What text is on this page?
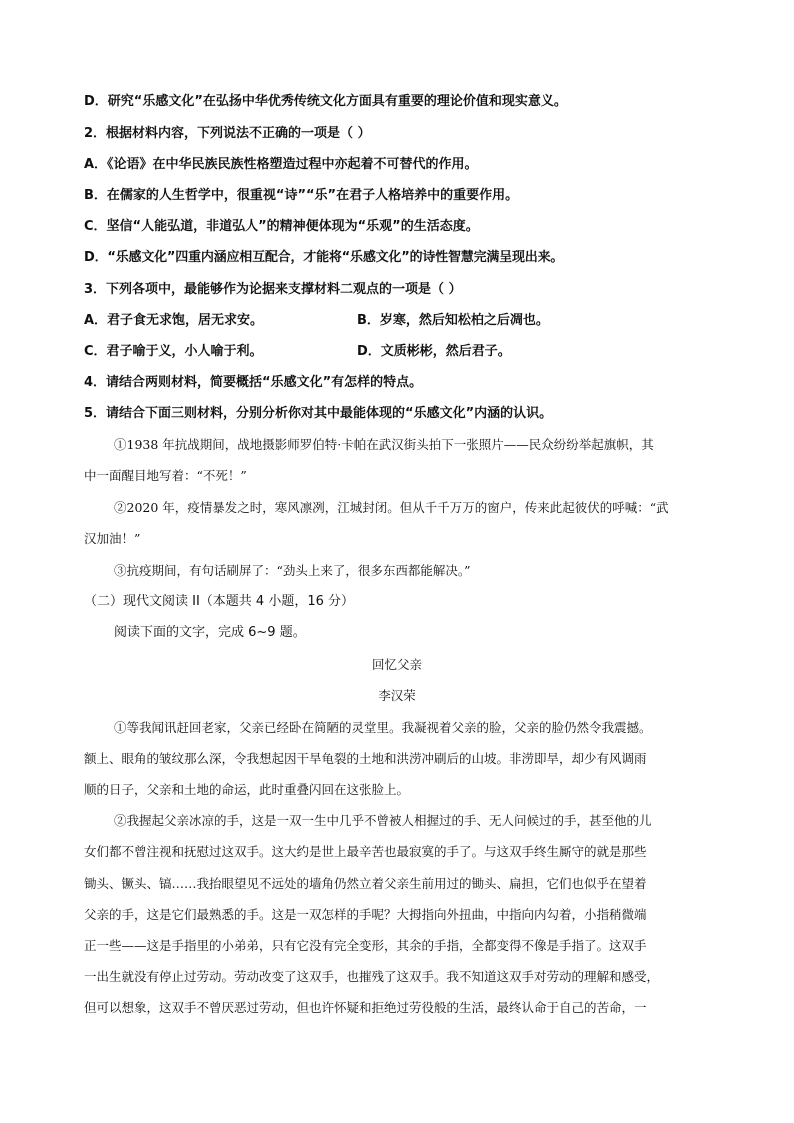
D．研究“乐感文化”在弘扬中华优秀传统文化方面具有重要的理论价值和现实意义。
2．根据材料内容，下列说法不正确的一项是（ ）
A．《论语》在中华民族民族性格塑造过程中亦起着不可替代的作用。
B．在儒家的人生哲学中，很重视“诗”“乐”在君子人格培养中的重要作用。
C．坚信“人能弘道，非道弘人”的精神便体现为“乐观”的生活态度。
D．“乐感文化”四重内涵应相互配合，才能将“乐感文化”的诗性智慧完满呈现出来。
3．下列各项中，最能够作为论据来支撑材料二观点的一项是（ ）
A．君子食无求饱，居无求安。	B．岁寒，然后知松柏之后凋也。
C．君子喻于义，小人喻于利。	D．文质彬彬，然后君子。
4．请结合两则材料，简要概括“乐感文化”有怎样的特点。
5．请结合下面三则材料，分别分析你对其中最能体现的“乐感文化”内涵的认识。
①1938 年抗战期间，战地摄影师罗伯特·卡帕在武汉街头拍下一张照片——民众纷纷举起旗帜，其
中一面醒目地写着：“不死！”
②2020 年，疫情暴发之时，寒风凛冽，江城封闭。但从千千万万的窗户，传来此起彼伏的呼喊：“武
汉加油！”
③抗疫期间，有句话刷屏了：“劲头上来了，很多东西都能解决。”
（二）现代文阅读 II（本题共 4 小题，16 分）
阅读下面的文字，完成 6~9 题。
回忆父亲
李汉荣
①等我闻讯赶回老家，父亲已经卧在简陋的灵堂里。我凝视着父亲的脸，父亲的脸仍然令我震撼。
额上、眼角的皱纹那么深，令我想起因干旱龟裂的土地和洪涝冲刷后的山坡。非涝即旱，却少有风调雨
顺的日子，父亲和土地的命运，此时重叠闪回在这张脸上。
②我握起父亲冰凉的手，这是一双一生中几乎不曾被人相握过的手、无人问候过的手，甚至他的儿
女们都不曾注视和抚慰过这双手。这大约是世上最辛苦也最寂寞的手了。与这双手终生厮守的就是那些
锄头、镢头、镐……我抬眼望见不远处的墙角仍然立着父亲生前用过的锄头、扁担，它们也似乎在望着
父亲的手，这是它们最熟悉的手。这是一双怎样的手呢？大拇指向外扭曲，中指向内勾着，小指稍微端
正一些——这是手指里的小弟弟，只有它没有完全变形，其余的手指，全都变得不像是手指了。这双手
一出生就没有停止过劳动。劳动改变了这双手，也摧残了这双手。我不知道这双手对劳动的理解和感受，
但可以想象，这双手不曾厌恶过劳动，但也许怀疑和拒绝过劳役般的生活，最终认命于自己的苦命，一
